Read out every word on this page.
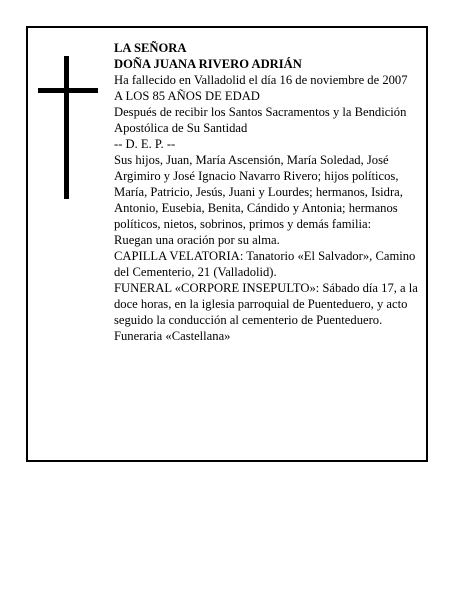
LA SEÑORA

DOÑA JUANA RIVERO ADRIÁN

Ha fallecido en Valladolid el día 16 de noviembre de 2007

A LOS 85 AÑOS DE EDAD

Después de recibir los Santos Sacramentos y la Bendición Apostólica de Su Santidad

-- D. E. P. --

Sus hijos, Juan, María Ascensión, María Soledad, José Argimiro y José Ignacio Navarro Rivero; hijos políticos, María, Patricio, Jesús, Juani y Lourdes; hermanos, Isidra, Antonio, Eusebia, Benita, Cándido y Antonia; hermanos políticos, nietos, sobrinos, primos y demás familia:

Ruegan una oración por su alma.

CAPILLA VELATORIA: Tanatorio «El Salvador», Camino del Cementerio, 21 (Valladolid).

FUNERAL «CORPORE INSEPULTO»: Sábado día 17, a la doce horas, en la iglesia parroquial de Puenteduero, y acto seguido la conducción al cementerio de Puenteduero.

Funeraria «Castellana»
